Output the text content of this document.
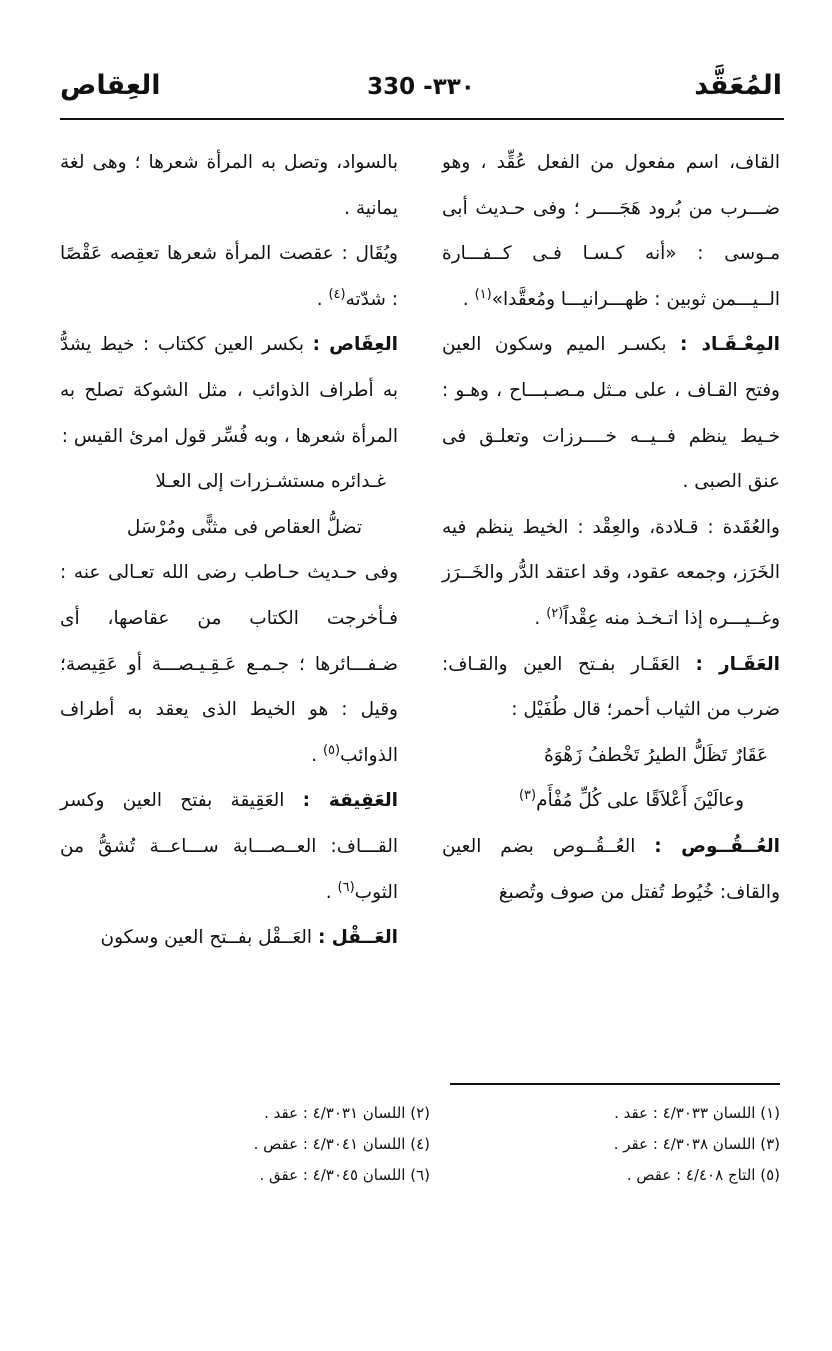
المُعَقَّد
330 -٣٣٠
العِقاص

القاف، اسم مفعول من الفعل عُقِّد ، وهو ضـــرب من بُرود هَجَــــر ؛ وفى حـديث أبى مـوسى : «أنه كـسـا فـى كــفـــارة الــيـــمن ثوبين : ظهـــرانيـــا ومُعقَّدا»$^{(١)}$ .

المِعْـقَـاد : بكسـر الميم وسكون العين وفتح القـاف ، على مـثل مـصـبـــاح ، وهـو : خـيط ينظم فــيــه خــــرزات وتعلـق فى عنق الصبى .

والعُقَدة : قـلادة، والعِقْد : الخيط ينظم فيه الخَرَز، وجمعه عقود، وقد اعتقد الدُّر والخَــرَز وغــيـــره إذا اتـخـذ منه عِقْداً$^{(٢)}$ .

العَقَـار : العَقَـار بفـتح العين والقـاف: ضرب من الثياب أحمر؛ قال طُفَيْل :

عَقَارٌ تَظَلُّ الطيرُ تَخْطفُ زَهْوَهُ

وعالَيْنَ أَعْلاَقًا على كُلِّ مُفْأَم$^{(٣)}$

العُــقُــوص : العُــقُــوص بضم العين والقاف: خُيُوط تُفتل من صوف وتُصبغ

بالسواد، وتصل به المرأة شعرها ؛ وهى لغة يمانية .

ويُقَال : عقصت المرأة شعرها تعقِصه عَقْصًا : شدّته$^{(٤)}$ .

العِقَاص : بكسر العين ككتاب : خيط يشدُّ به أطراف الذوائب ، مثل الشوكة تصلح به المرأة شعرها ، وبه فُسِّر قول امرئ القيس :

غـدائره مستشـزرات إلى العـلا

تضلُّ العقاص فى مثنًّى ومُرْسَل

وفى حـديث حـاطب رضى الله تعـالى عنه : فـأخرجت الكتاب من عقاصها، أى ضـفـــائرها ؛ جـمـع عَـقِـيـصـــة أو عَقِيصة؛ وقيل : هو الخيط الذى يعقد به أطراف الذوائب$^{(٥)}$ .

العَقِيقة : العَقِيقة بفتح العين وكسر القـــاف: العــصـــابة ســـاعــة تُشقُّ من الثوب$^{(٦)}$ .

العَــقْل : العَــقْل بفــتح العين وسكون

(١) اللسان ٤/٣٠٣٣ : عقد .
(٣) اللسان ٤/٣٠٣٨ : عقر .
(٥) التاج ٤/٤٠٨ : عقص .
(٢) اللسان ٤/٣٠٣١ : عقد .
(٤) اللسان ٤/٣٠٤١ : عقص .
(٦) اللسان ٤/٣٠٤٥ : عقق .
